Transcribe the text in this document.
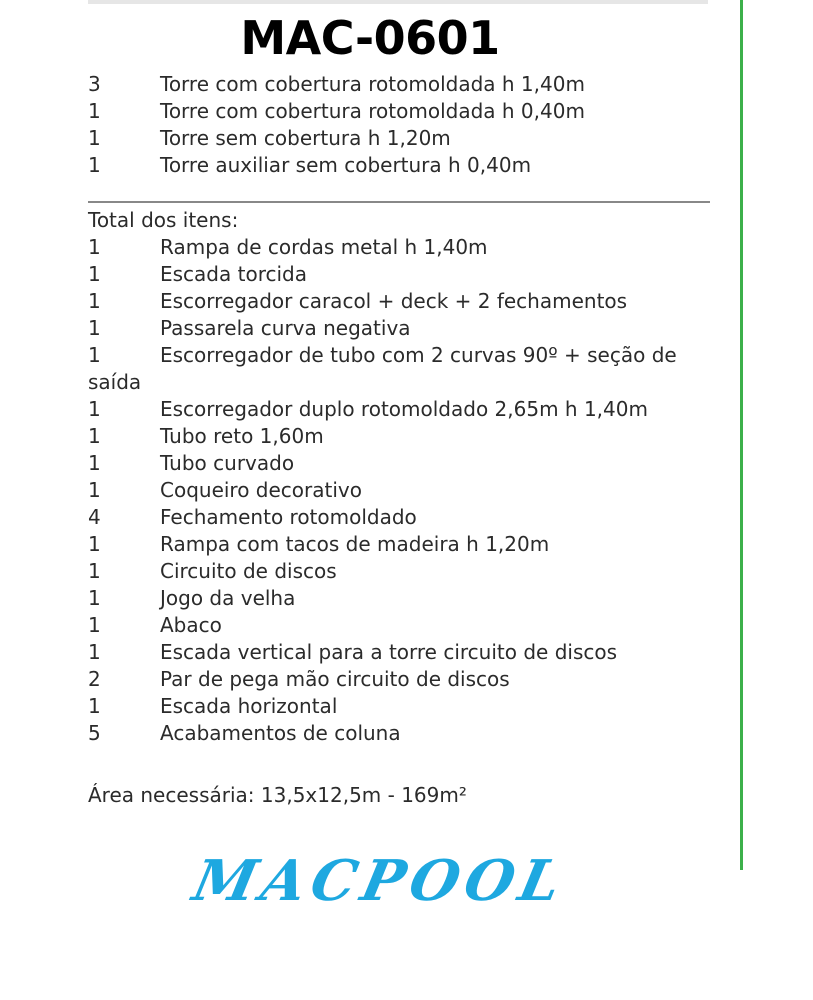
MAC-0601
3	Torre com cobertura rotomoldada h 1,40m
1	Torre com cobertura rotomoldada h 0,40m
1	Torre sem cobertura h 1,20m
1	Torre auxiliar sem cobertura h 0,40m
Total dos itens:
1	Rampa de cordas metal h 1,40m
1	Escada torcida
1	Escorregador caracol + deck + 2 fechamentos
1	Passarela curva negativa
1	Escorregador de tubo com 2 curvas 90º + seção de
saída
1	Escorregador duplo rotomoldado 2,65m h 1,40m
1	Tubo reto 1,60m
1	Tubo curvado
1	Coqueiro decorativo
4	Fechamento rotomoldado
1	Rampa com tacos de madeira h 1,20m
1	Circuito de discos
1	Jogo da velha
1	Abaco
1	Escada vertical para a torre circuito de discos
2	Par de pega mão circuito de discos
1	Escada horizontal
5	Acabamentos de coluna
Área necessária: 13,5x12,5m - 169m²
MACPOOL
